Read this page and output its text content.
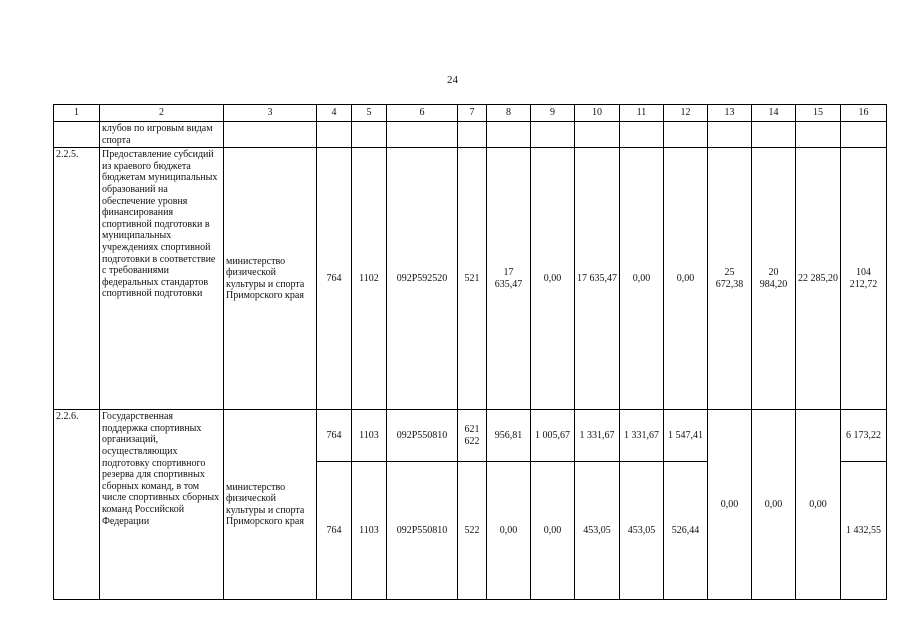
24
1	2	3	4	5	6	7	8	9	10	11	12	13	14	15	16
	клубов по игровым видам спорта														
2.2.5.	Предоставление субсидий из краевого бюджета бюджетам муниципальных образований на обеспечение уровня финансирования спортивной подготовки в муниципальных учреждениях спортивной подготовки в соответствие с требованиями федеральных стандартов спортивной подготовки	министерство физической культуры и спорта Приморского края	764	1102	092P592520	521	17 635,47	0,00	17 635,47	0,00	0,00	25 672,38	20 984,20	22 285,20	104 212,72
2.2.6.	Государственная поддержка спортивных организаций, осуществляющих подготовку спортивного резерва для спортивных сборных команд, в том числе спортивных сборных команд Российской Федерации	министерство физической культуры и спорта Приморского края	764	1103	092P550810	621 622	956,81	1 005,67	1 331,67	1 331,67	1 547,41	0,00	0,00	0,00	6 173,22
			764	1103	092P550810	522	0,00	0,00	453,05	453,05	526,44				1 432,55
